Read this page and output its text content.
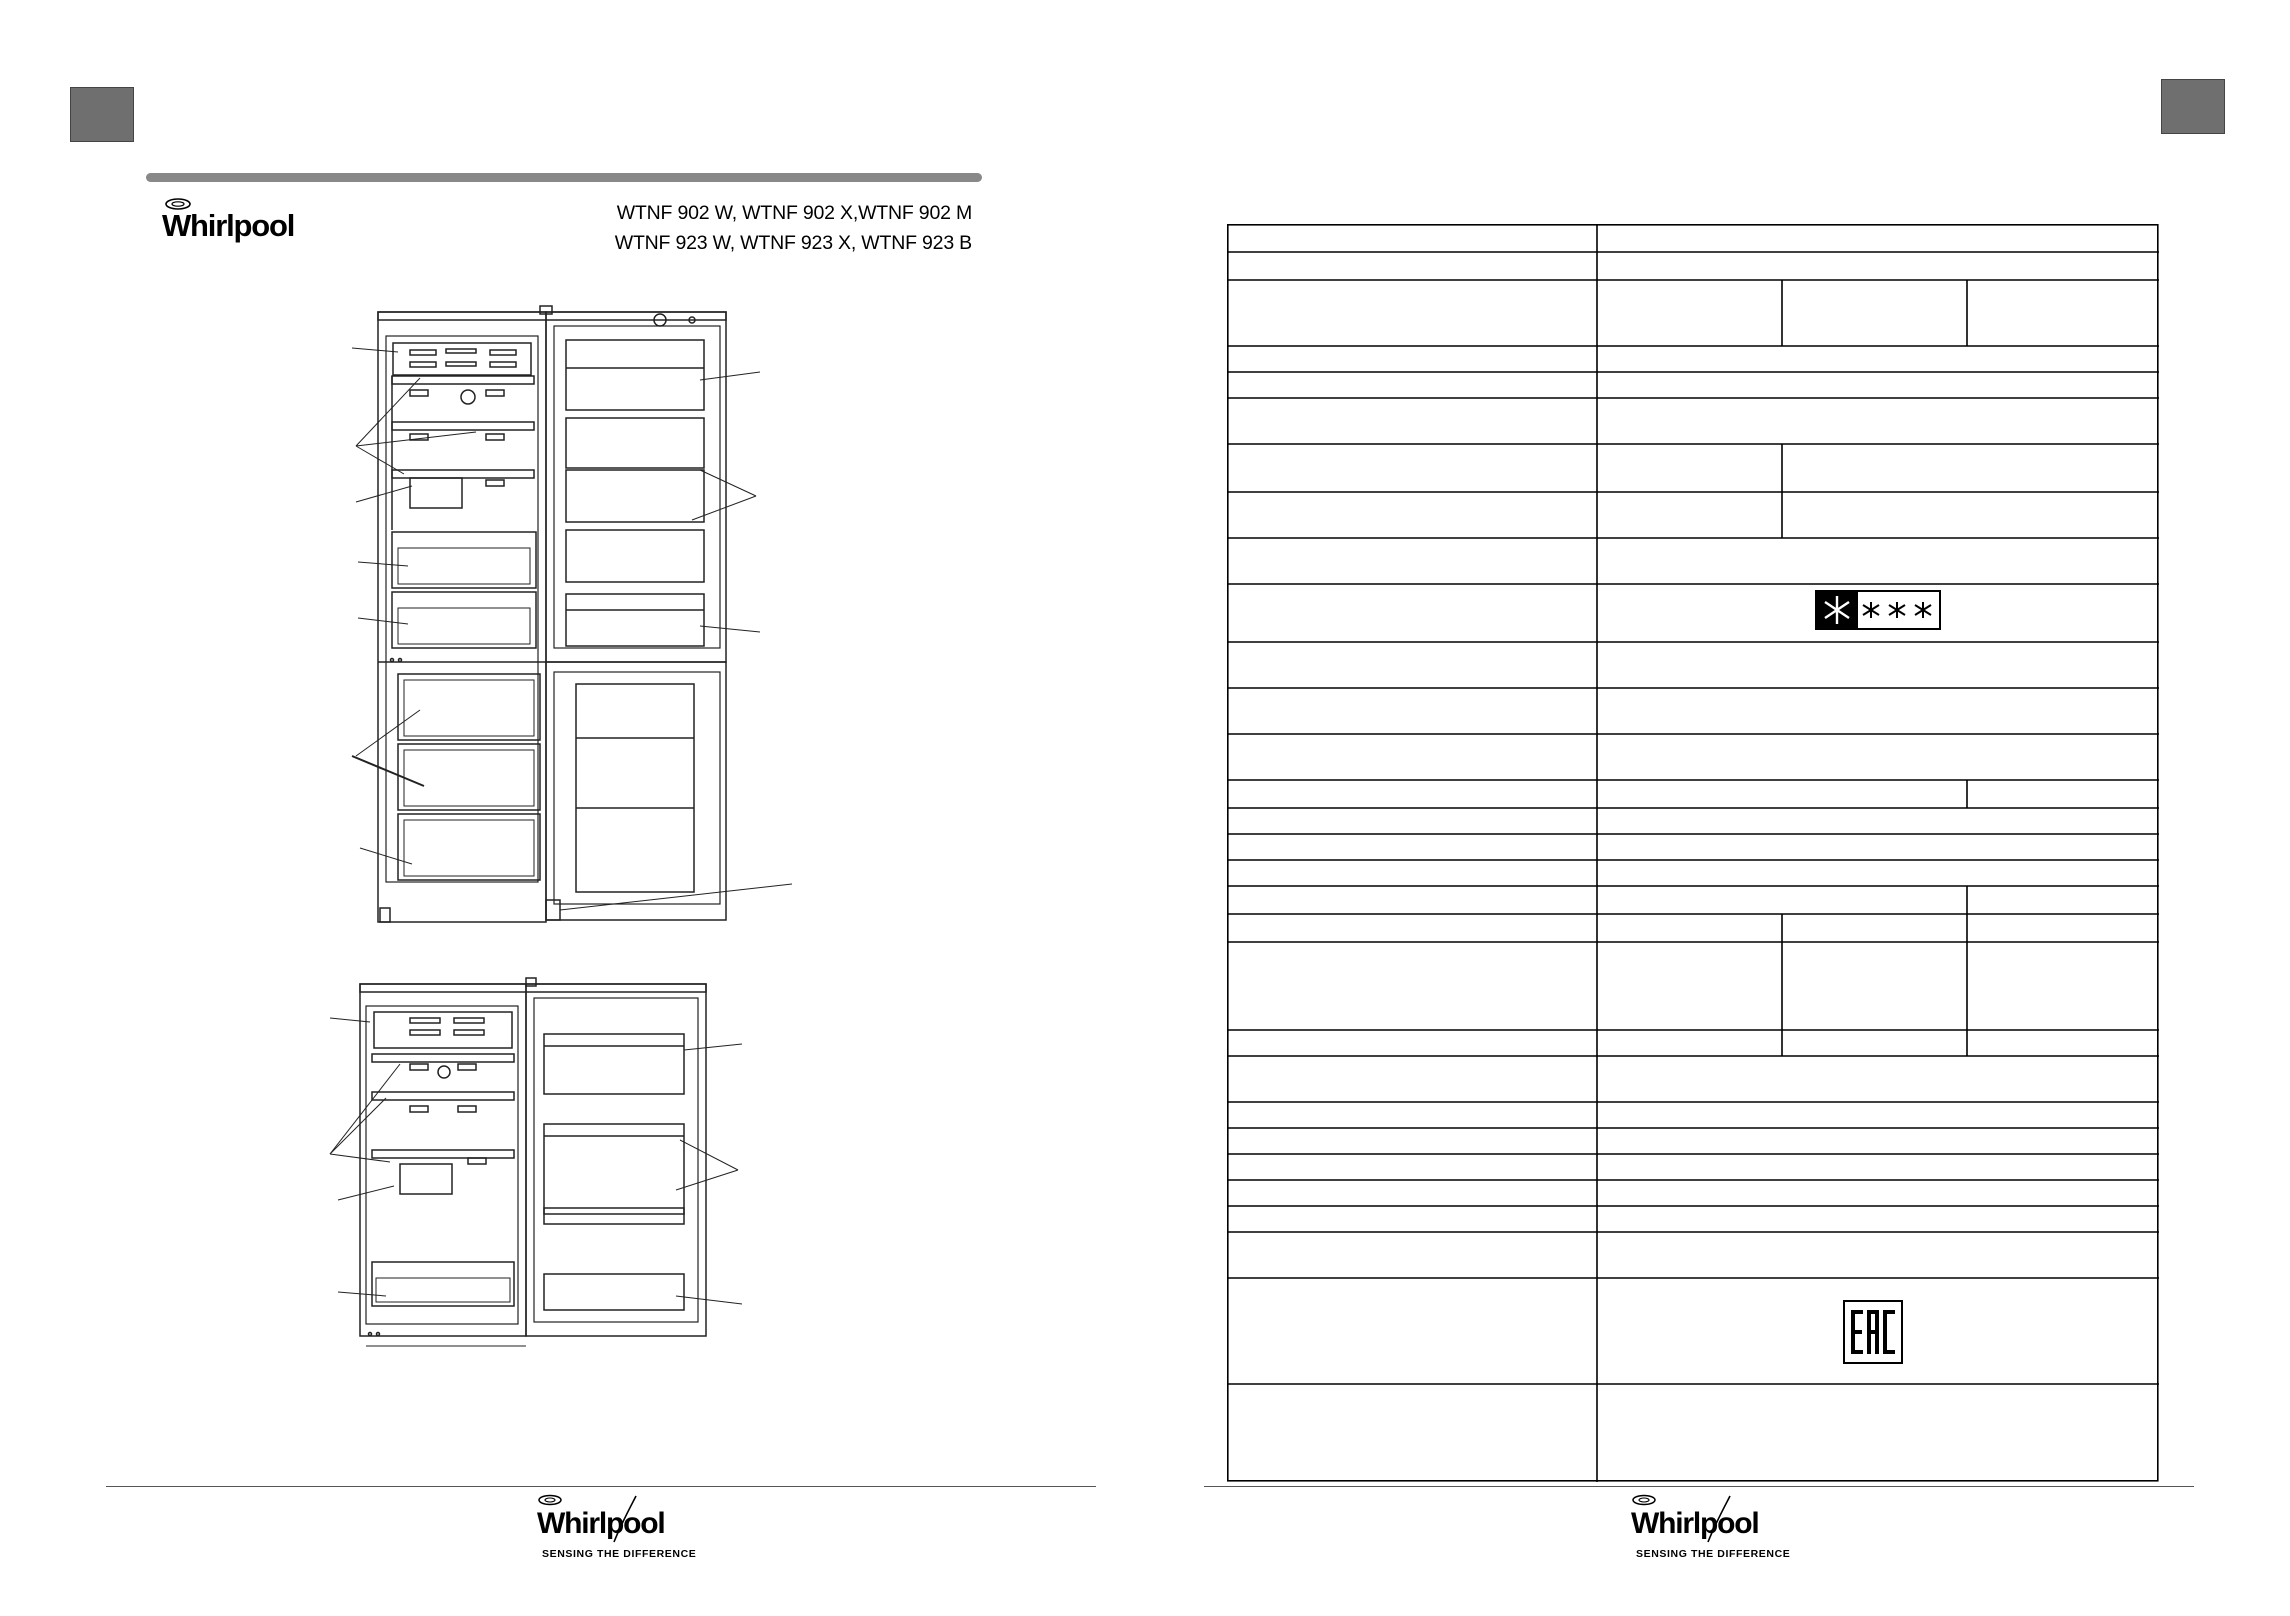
Whirlpool	WTNF 902 W, WTNF 902 X,WTNF 902 M
WTNF 923 W, WTNF 923 X, WTNF 923 B
Whirlpool
SENSING THE DIFFERENCE
Whirlpool
SENSING THE DIFFERENCE
